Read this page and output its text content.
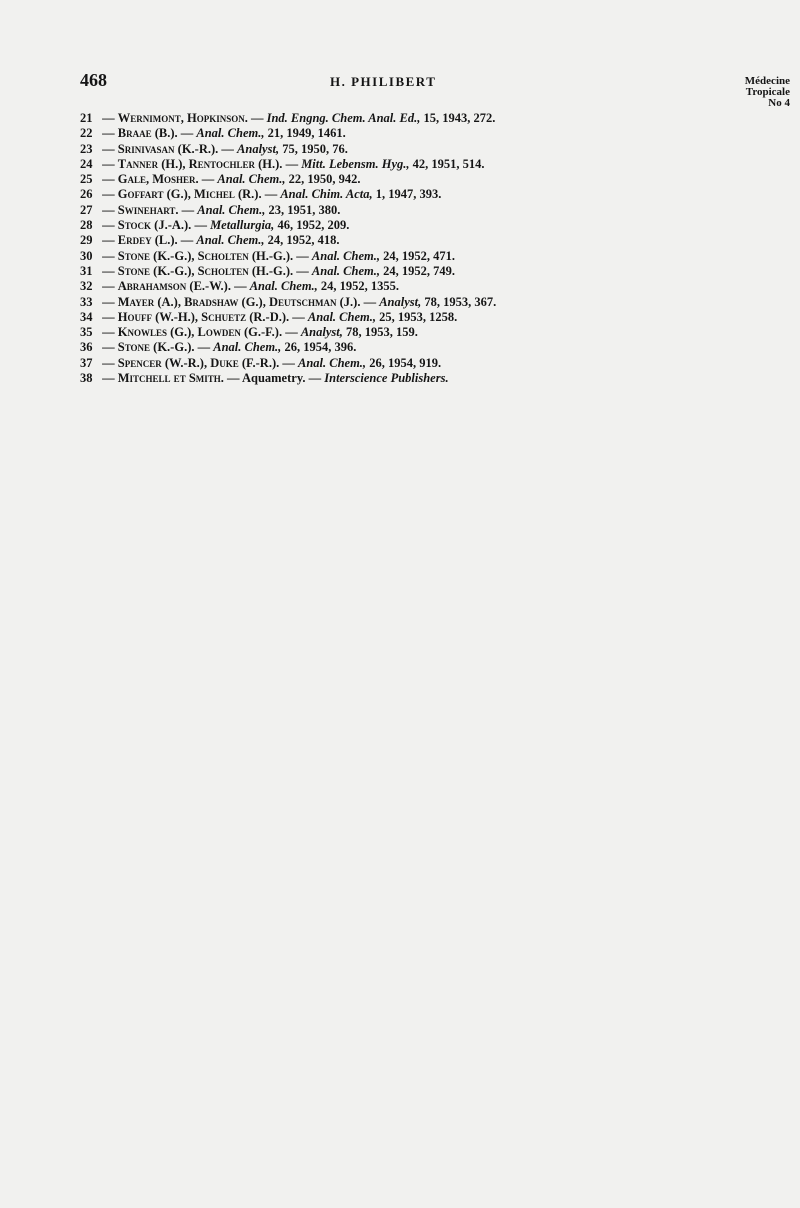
468	H. PHILIBERT	Médecine
Tropicale
No 4
21 — Wernimont, Hopkinson. — Ind. Engng. Chem. Anal. Ed., 15, 1943, 272.
22 — Braae (B.). — Anal. Chem., 21, 1949, 1461.
23 — Srinivasan (K.-R.). — Analyst, 75, 1950, 76.
24 — Tanner (H.), Rentochler (H.). — Mitt. Lebensm. Hyg., 42, 1951, 514.
25 — Gale, Mosher. — Anal. Chem., 22, 1950, 942.
26 — Goffart (G.), Michel (R.). — Anal. Chim. Acta, 1, 1947, 393.
27 — Swinehart. — Anal. Chem., 23, 1951, 380.
28 — Stock (J.-A.). — Metallurgia, 46, 1952, 209.
29 — Erdey (L.). — Anal. Chem., 24, 1952, 418.
30 — Stone (K.-G.), Scholten (H.-G.). — Anal. Chem., 24, 1952, 471.
31 — Stone (K.-G.), Scholten (H.-G.). — Anal. Chem., 24, 1952, 749.
32 — Abrahamson (E.-W.). — Anal. Chem., 24, 1952, 1355.
33 — Mayer (A.), Bradshaw (G.), Deutschman (J.). — Analyst, 78, 1953, 367.
34 — Houff (W.-H.), Schuetz (R.-D.). — Anal. Chem., 25, 1953, 1258.
35 — Knowles (G.), Lowden (G.-F.). — Analyst, 78, 1953, 159.
36 — Stone (K.-G.). — Anal. Chem., 26, 1954, 396.
37 — Spencer (W.-R.), Duke (F.-R.). — Anal. Chem., 26, 1954, 919.
38 — Mitchell et Smith. — Aquametry. — Interscience Publishers.
